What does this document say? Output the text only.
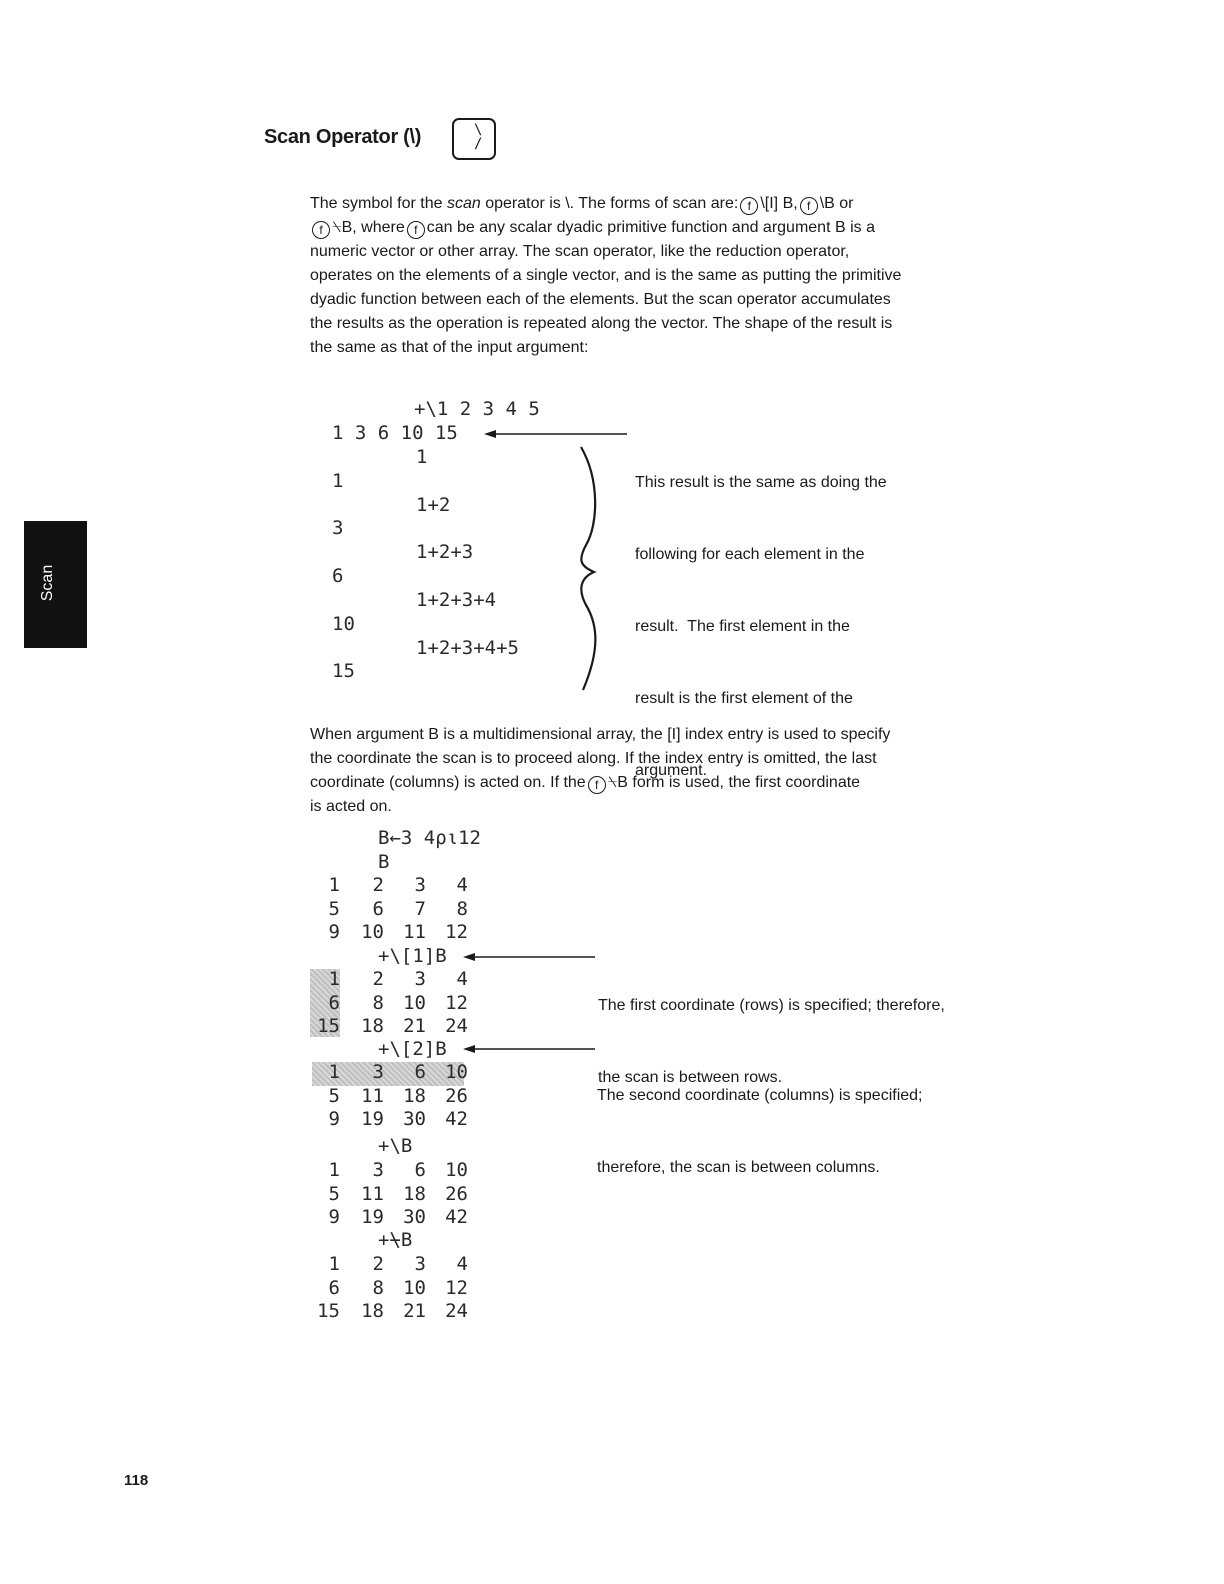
Scan Operator (\)	\
/
The symbol for the scan operator is \. The forms of scan are: f \[I] B, f \B or
f ⍀B, where f can be any scalar dyadic primitive function and argument B is a
numeric vector or other array. The scan operator, like the reduction operator,
operates on the elements of a single vector, and is the same as putting the primitive
dyadic function between each of the elements. But the scan operator accumulates
the results as the operation is repeated along the vector. The shape of the result is
the same as that of the input argument:
+\1 2 3 4 5
1 3 6 10 15
1
1
1+2
3
1+2+3
6
1+2+3+4
10
1+2+3+4+5
15

This result is the same as doing the

following for each element in the

result.  The first element in the

result is the first element of the

argument.

When argument B is a multidimensional array, the [I] index entry is used to specify
the coordinate the scan is to proceed along. If the index entry is omitted, the last
coordinate (columns) is acted on. If the f ⍀B form is used, the first coordinate
is acted on.
B←3 4⍴⍳12
B
1 2 3 4
5 6 7 8
9 10 11 12
+\[1]B
1 2 3 4
6 8 10 12
15 18 21 24
+\[2]B
1 3 6 10
5 11 18 26
9 19 30 42
+\B
1 3 6 10
5 11 18 26
9 19 30 42
+⍀B
1 2 3 4
6 8 10 12
15 18 21 24

The first coordinate (rows) is specified; therefore,

the scan is between rows.

The second coordinate (columns) is specified;

therefore, the scan is between columns.

Scan
118
